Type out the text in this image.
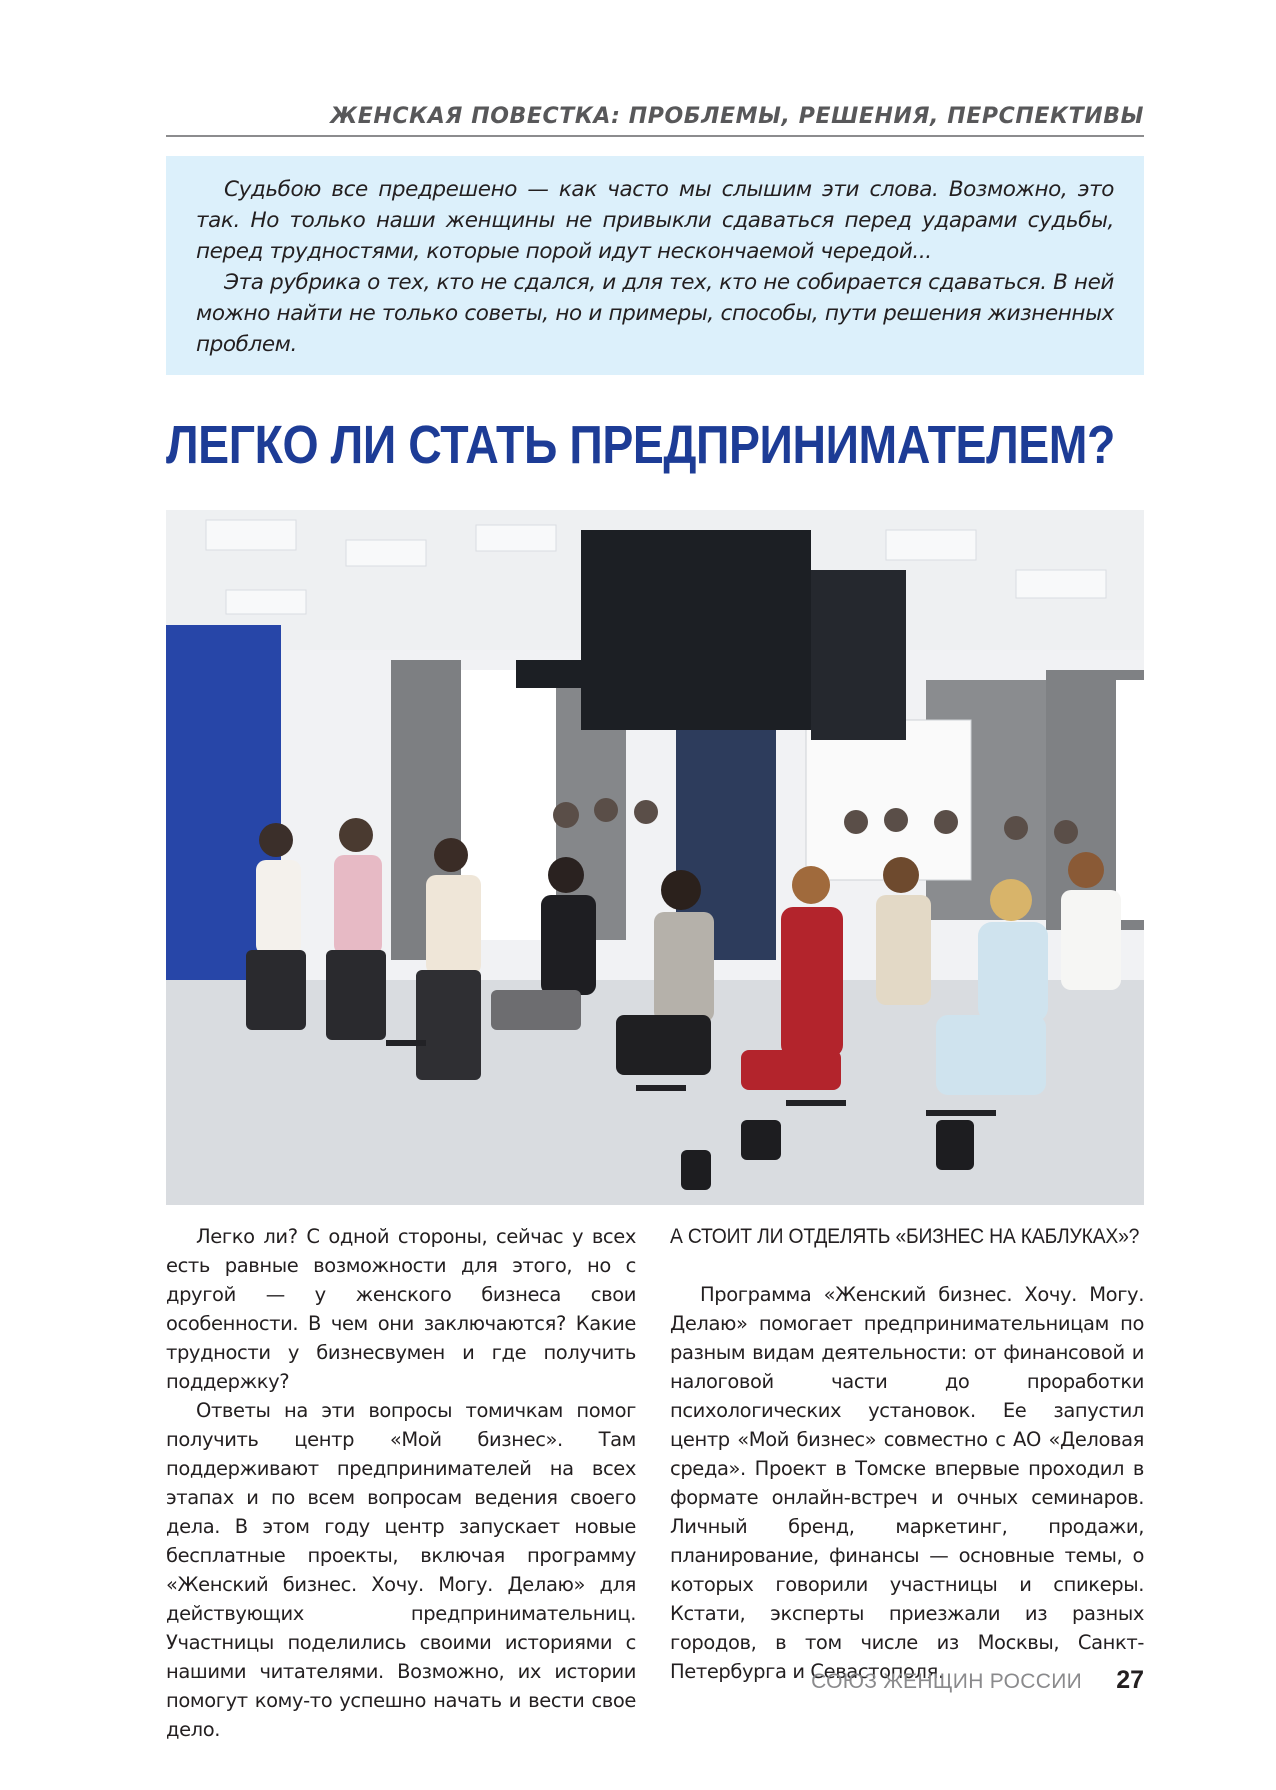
ЖЕНСКАЯ ПОВЕСТКА: ПРОБЛЕМЫ, РЕШЕНИЯ, ПЕРСПЕКТИВЫ

Судьбою все предрешено — как часто мы слышим эти слова. Возможно, это так. Но только наши женщины не привыкли сдаваться перед ударами судьбы, перед трудностями, которые порой идут нескончаемой чередой...

Эта рубрика о тех, кто не сдался, и для тех, кто не собирается сдаваться. В ней можно найти не только советы, но и примеры, способы, пути решения жизненных проблем.

ЛЕГКО ЛИ СТАТЬ ПРЕДПРИНИМАТЕЛЕМ?

Легко ли? С одной стороны, сейчас у всех есть равные возможности для этого, но с другой — у женского бизнеса свои особенности. В чем они заключаются? Какие трудности у бизнесвумен и где получить поддержку?

Ответы на эти вопросы томичкам помог получить центр «Мой бизнес». Там поддерживают предпринимателей на всех этапах и по всем вопросам ведения своего дела. В этом году центр запускает новые бесплатные проекты, включая программу «Женский бизнес. Хочу. Могу. Делаю» для действующих предпринимательниц. Участницы поделились своими историями с нашими читателями. Возможно, их истории помогут кому-то успешно начать и вести свое дело.

А СТОИТ ЛИ ОТДЕЛЯТЬ «БИЗНЕС НА КАБЛУКАХ»?

Программа «Женский бизнес. Хочу. Могу. Делаю» помогает предпринимательницам по разным видам деятельности: от финансовой и налоговой части до проработки психологических установок. Ее запустил центр «Мой бизнес» совместно с АО «Деловая среда». Проект в Томске впервые проходил в формате онлайн-встреч и очных семинаров. Личный бренд, маркетинг, продажи, планирование, финансы — основные темы, о которых говорили участницы и спикеры. Кстати, эксперты приезжали из разных городов, в том числе из Москвы, Санкт-Петербурга и Севастополя.

СОЮЗ ЖЕНЩИН РОССИИ 27
